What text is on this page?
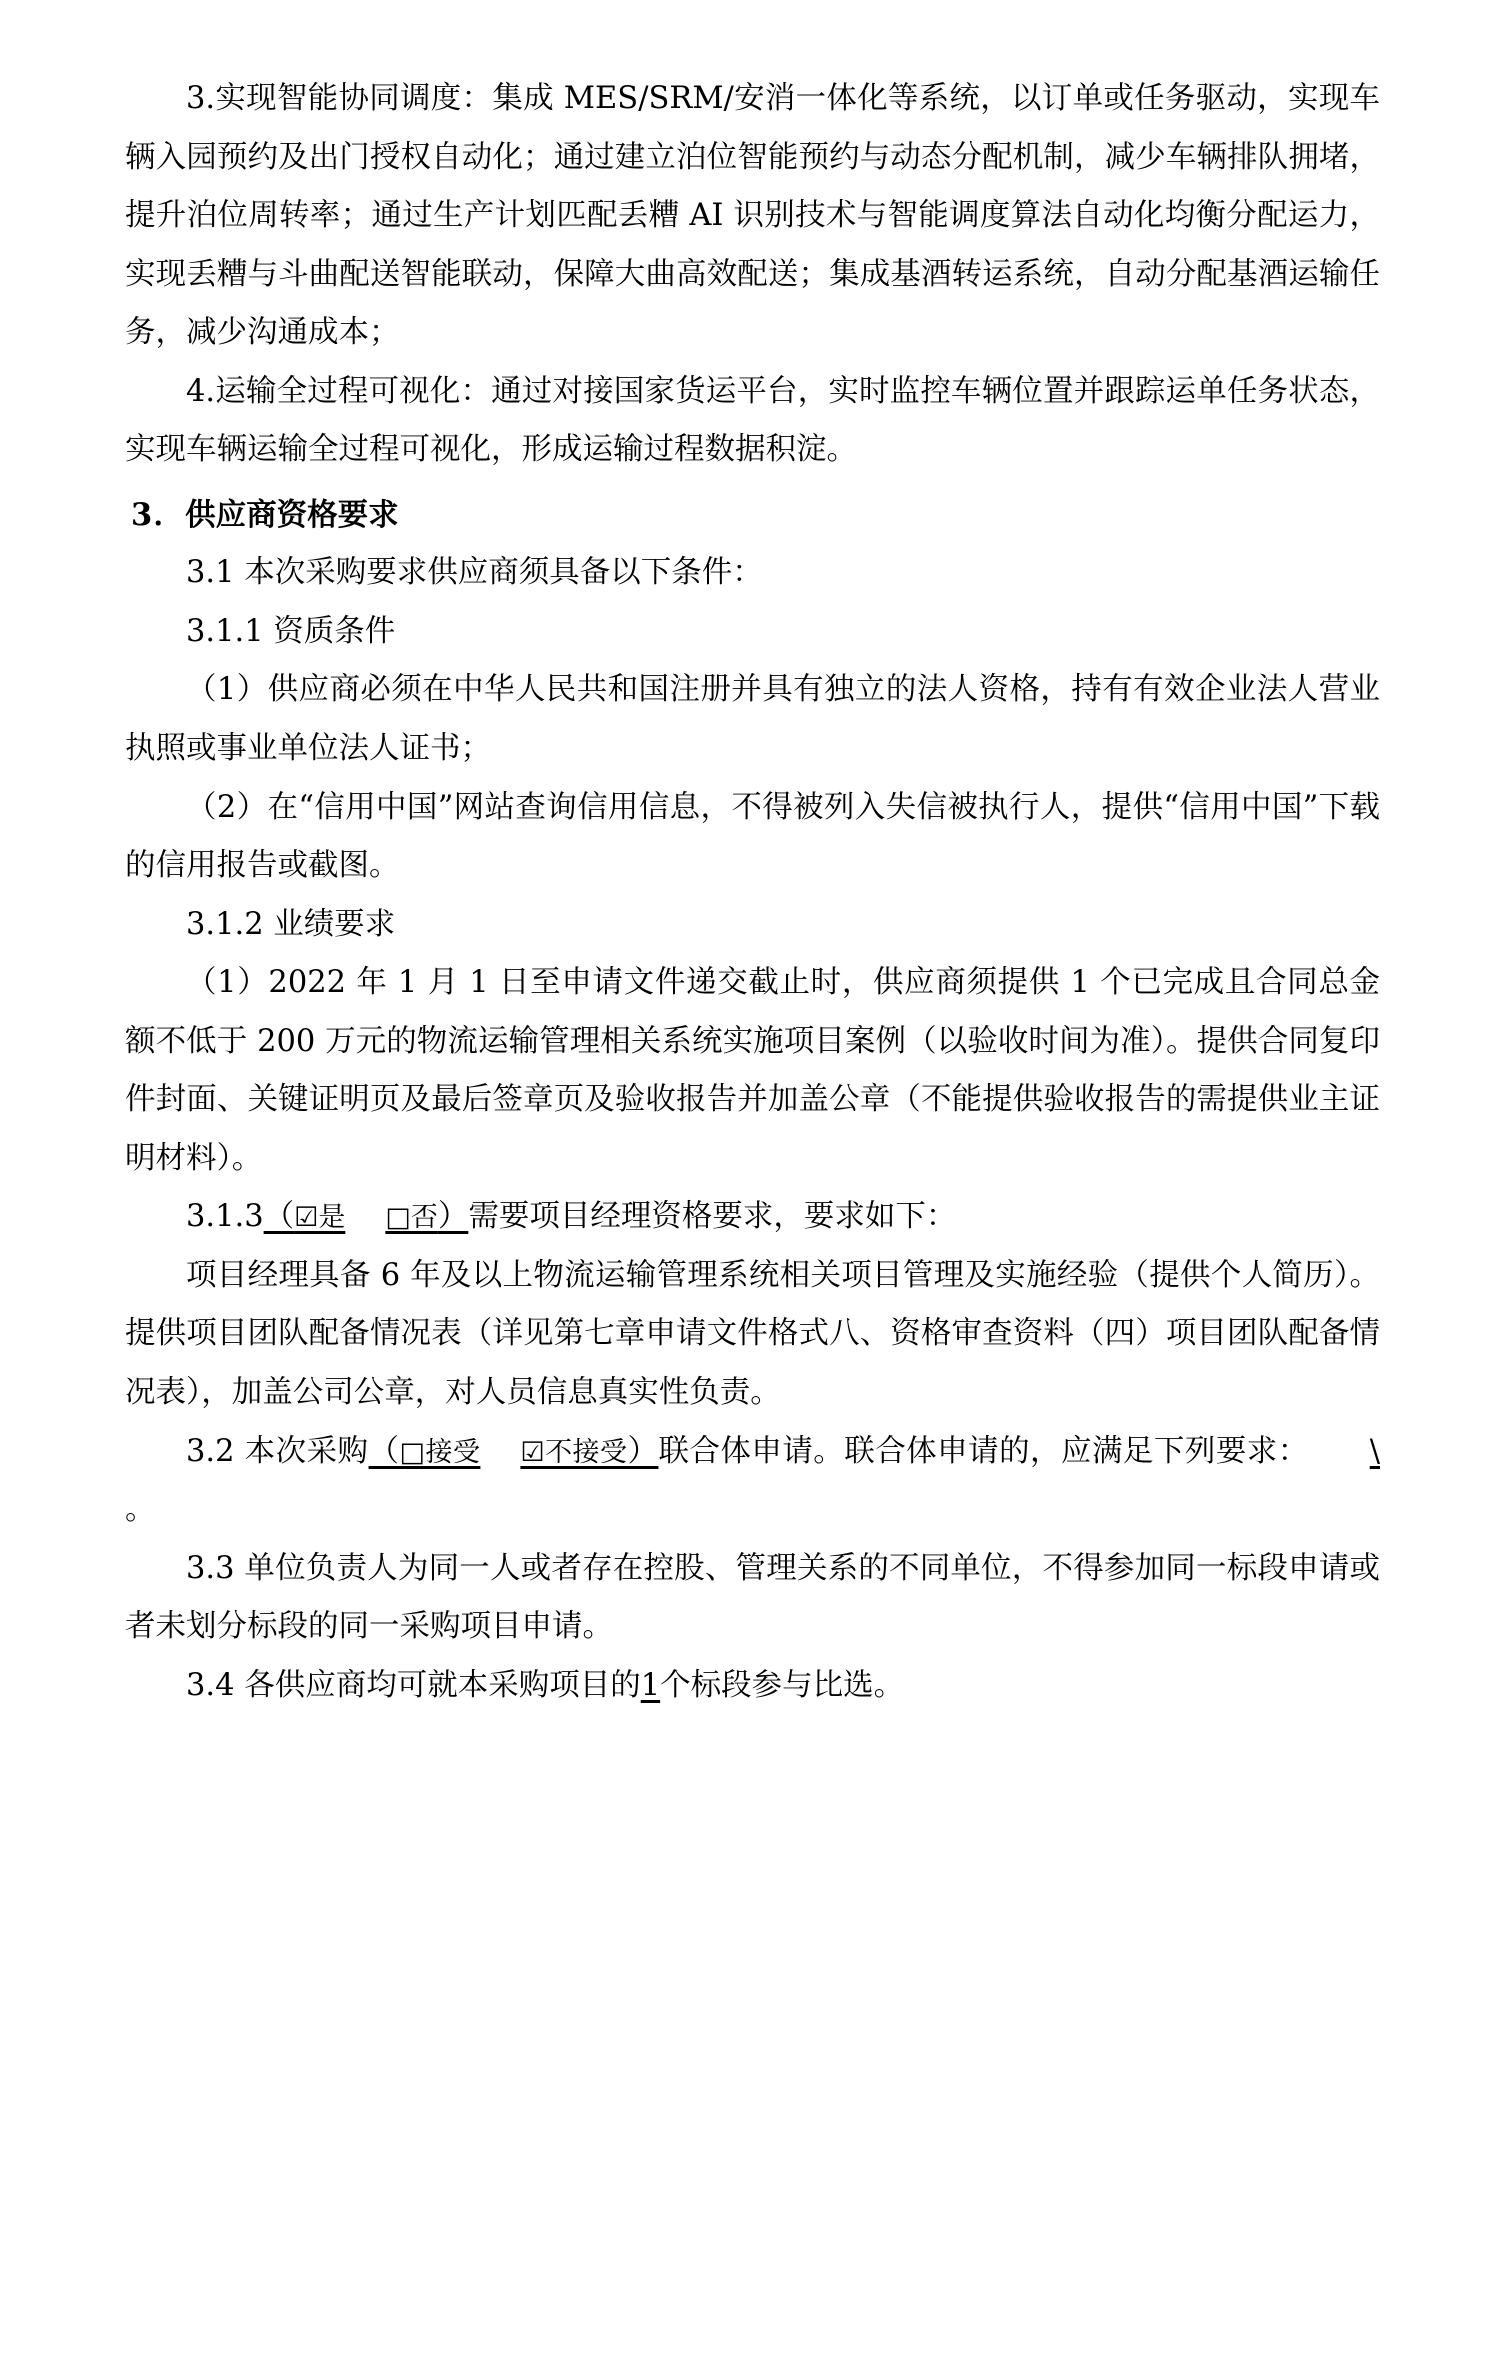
3.实现智能协同调度：集成 MES/SRM/安消一体化等系统，以订单或任务驱动，实现车辆入园预约及出门授权自动化；通过建立泊位智能预约与动态分配机制，减少车辆排队拥堵，提升泊位周转率；通过生产计划匹配丢糟 AI 识别技术与智能调度算法自动化均衡分配运力，实现丢糟与斗曲配送智能联动，保障大曲高效配送；集成基酒转运系统，自动分配基酒运输任务，减少沟通成本；

4.运输全过程可视化：通过对接国家货运平台，实时监控车辆位置并跟踪运单任务状态，实现车辆运输全过程可视化，形成运输过程数据积淀。

3．供应商资格要求

3.1 本次采购要求供应商须具备以下条件：

3.1.1 资质条件

（1）供应商必须在中华人民共和国注册并具有独立的法人资格，持有有效企业法人营业执照或事业单位法人证书；

（2）在“信用中国”网站查询信用信息，不得被列入失信被执行人，提供“信用中国”下载的信用报告或截图。

3.1.2 业绩要求

（1）2022 年 1 月 1 日至申请文件递交截止时，供应商须提供 1 个已完成且合同总金额不低于 200 万元的物流运输管理相关系统实施项目案例（以验收时间为准）。提供合同复印件封面、关键证明页及最后签章页及验收报告并加盖公章（不能提供验收报告的需提供业主证明材料）。

3.1.3（☑是 □否）需要项目经理资格要求，要求如下：

项目经理具备 6 年及以上物流运输管理系统相关项目管理及实施经验（提供个人简历）。提供项目团队配备情况表（详见第七章申请文件格式八、资格审查资料（四）项目团队配备情况表），加盖公司公章，对人员信息真实性负责。

3.2 本次采购（□接受 ☑不接受）联合体申请。联合体申请的，应满足下列要求： \。

3.3 单位负责人为同一人或者存在控股、管理关系的不同单位，不得参加同一标段申请或者未划分标段的同一采购项目申请。

3.4 各供应商均可就本采购项目的1个标段参与比选。
